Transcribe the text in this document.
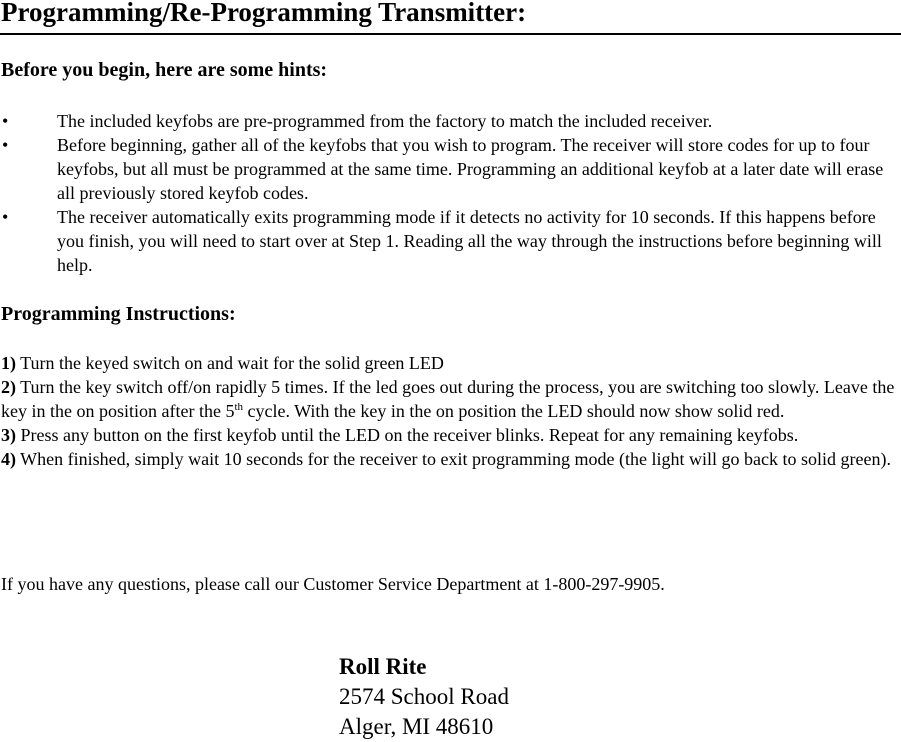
Programming/Re-Programming Transmitter:
Before you begin, here are some hints:
•	The included keyfobs are pre-programmed from the factory to match the included receiver.
•	Before beginning, gather all of the keyfobs that you wish to program. The receiver will store codes for up to four keyfobs, but all must be programmed at the same time. Programming an additional keyfob at a later date will erase all previously stored keyfob codes.
•	The receiver automatically exits programming mode if it detects no activity for 10 seconds. If this happens before you finish, you will need to start over at Step 1. Reading all the way through the instructions before beginning will help.
Programming Instructions:

1) Turn the keyed switch on and wait for the solid green LED

2) Turn the key switch off/on rapidly 5 times. If the led goes out during the process, you are switching too slowly. Leave the key in the on position after the 5th cycle. With the key in the on position the LED should now show solid red.

3) Press any button on the first keyfob until the LED on the receiver blinks. Repeat for any remaining keyfobs.

4) When finished, simply wait 10 seconds for the receiver to exit programming mode (the light will go back to solid green).

If you have any questions, please call our Customer Service Department at 1-800-297-9905.

Roll Rite
2574 School Road
Alger, MI 48610
